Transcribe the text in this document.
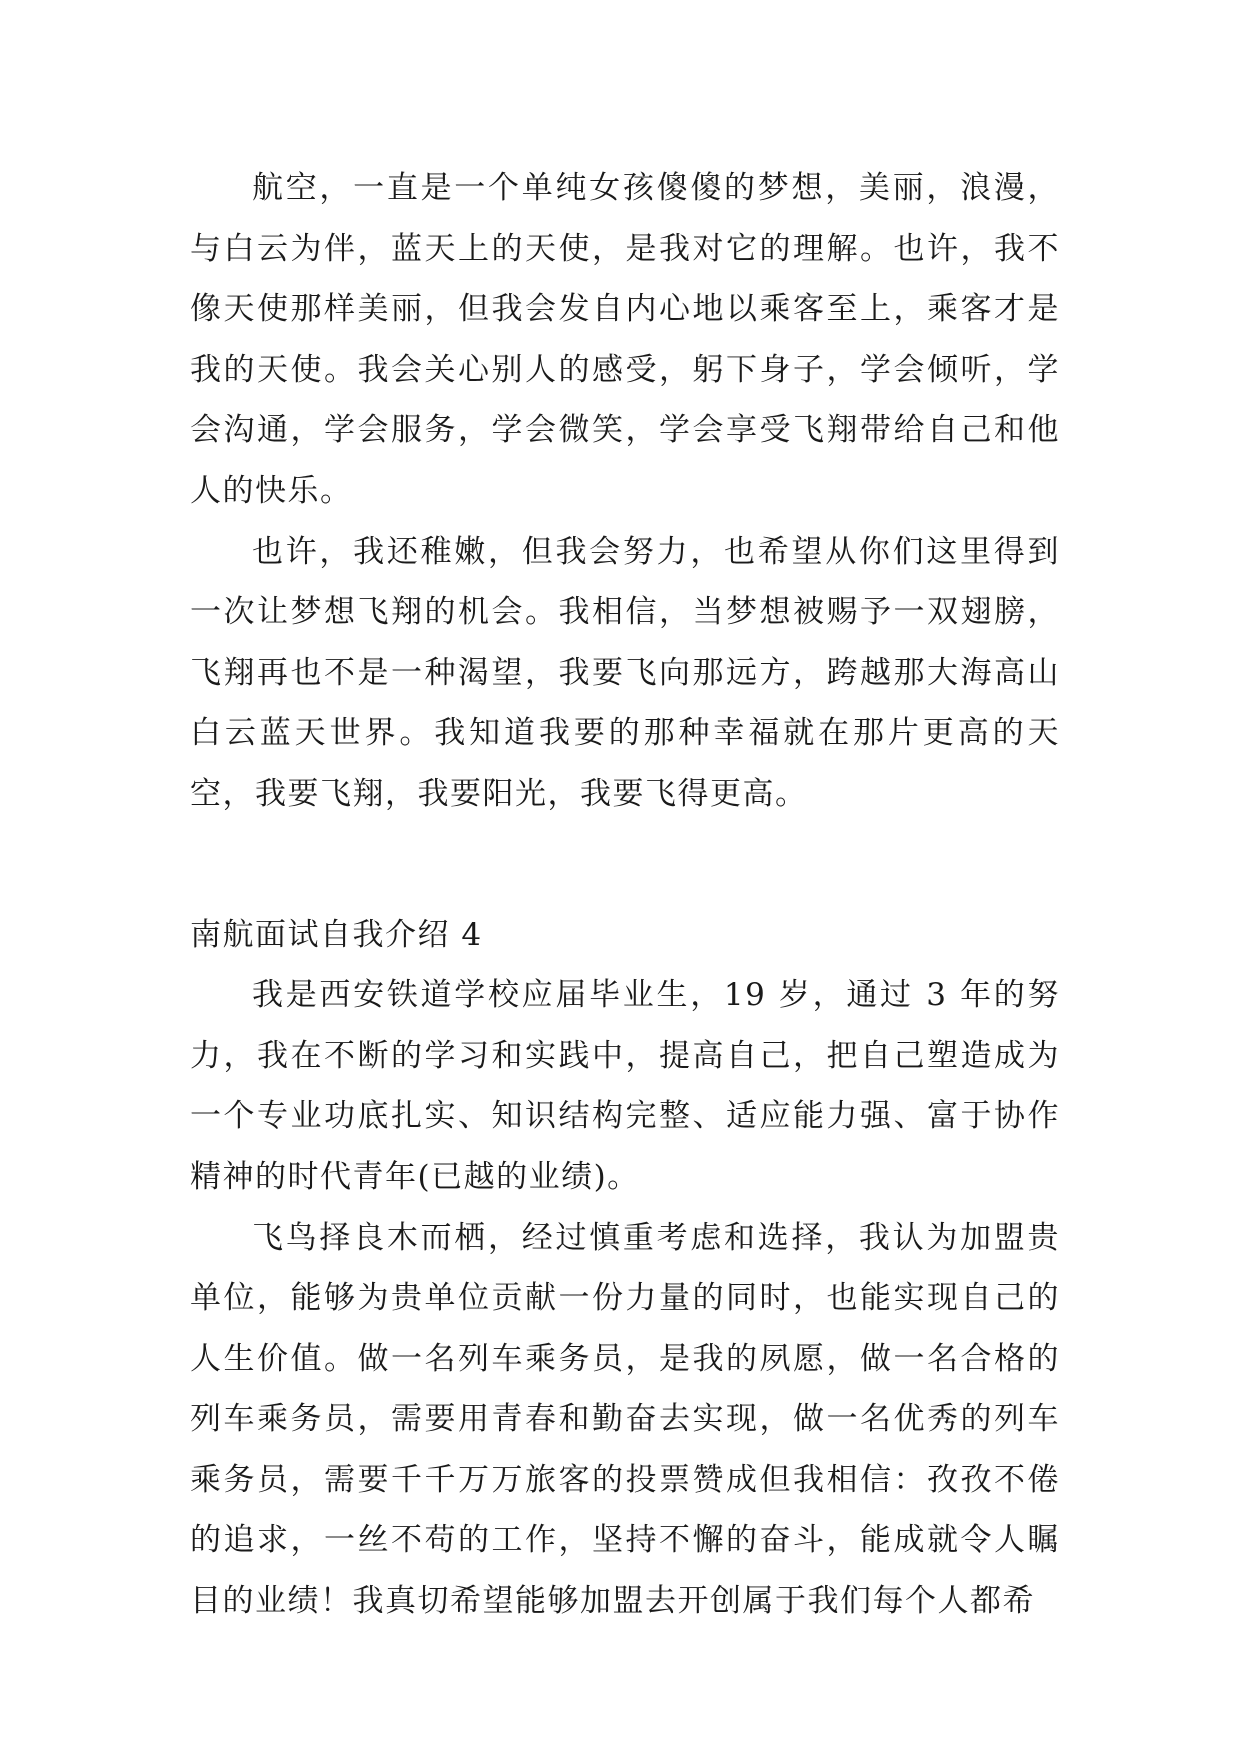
航空，一直是一个单纯女孩傻傻的梦想，美丽，浪漫，与白云为伴，蓝天上的天使，是我对它的理解。也许，我不像天使那样美丽，但我会发自内心地以乘客至上，乘客才是我的天使。我会关心别人的感受，躬下身子，学会倾听，学会沟通，学会服务，学会微笑，学会享受飞翔带给自己和他人的快乐。

也许，我还稚嫩，但我会努力，也希望从你们这里得到一次让梦想飞翔的机会。我相信，当梦想被赐予一双翅膀，飞翔再也不是一种渴望，我要飞向那远方，跨越那大海高山白云蓝天世界。我知道我要的那种幸福就在那片更高的天空，我要飞翔，我要阳光，我要飞得更高。

南航面试自我介绍 4

我是西安铁道学校应届毕业生，19 岁，通过 3 年的努力，我在不断的学习和实践中，提高自己，把自己塑造成为一个专业功底扎实、知识结构完整、适应能力强、富于协作精神的时代青年(已越的业绩)。

飞鸟择良木而栖，经过慎重考虑和选择，我认为加盟贵单位，能够为贵单位贡献一份力量的同时，也能实现自己的人生价值。做一名列车乘务员，是我的夙愿，做一名合格的列车乘务员，需要用青春和勤奋去实现，做一名优秀的列车乘务员，需要千千万万旅客的投票赞成但我相信：孜孜不倦的追求，一丝不苟的工作，坚持不懈的奋斗，能成就令人瞩目的业绩！我真切希望能够加盟去开创属于我们每个人都希
